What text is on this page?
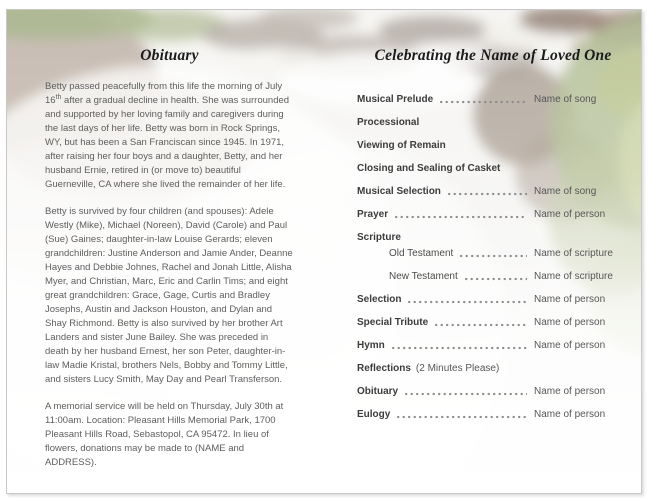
Obituary

Betty passed peacefully from this life the morning of July 16th after a gradual decline in health. She was surrounded and supported by her loving family and caregivers during the last days of her life. Betty was born in Rock Springs, WY, but has been a San Franciscan since 1945. In 1971, after raising her four boys and a daughter, Betty, and her husband Ernie, retired in (or move to) beautiful Guerneville, CA where she lived the remainder of her life.

Betty is survived by four children (and spouses): Adele Westly (Mike), Michael (Noreen), David (Carole) and Paul (Sue) Gaines; daughter-in-law Louise Gerards; eleven grandchildren: Justine Anderson and Jamie Ander, Deanne Hayes and Debbie Johnes, Rachel and Jonah Little, Alisha Myer, and Christian, Marc, Eric and Carlin Tims; and eight great grandchildren: Grace, Gage, Curtis and Bradley Josephs, Austin and Jackson Houston, and Dylan and Shay Richmond. Betty is also survived by her brother Art Landers and sister June Bailey. She was preceded in death by her husband Ernest, her son Peter, daughter-in-law Madie Kristal, brothers Nels, Bobby and Tommy Little, and sisters Lucy Smith, May Day and Pearl Transferson.

A memorial service will be held on Thursday, July 30th at 11:00am. Location: Pleasant Hills Memorial Park, 1700 Pleasant Hills Road, Sebastopol, CA 95472. In lieu of flowers, donations may be made to (NAME and ADDRESS).

Celebrating the Name of Loved One
Musical Prelude	Name of song
Processional
Viewing of Remain
Closing and Sealing of Casket
Musical Selection	Name of song
Prayer	Name of person
Scripture
Old Testament	Name of scripture
New Testament	Name of scripture
Selection	Name of person
Special Tribute	Name of person
Hymn	Name of person
Reflections (2 Minutes Please)
Obituary	Name of person
Eulogy	Name of person
